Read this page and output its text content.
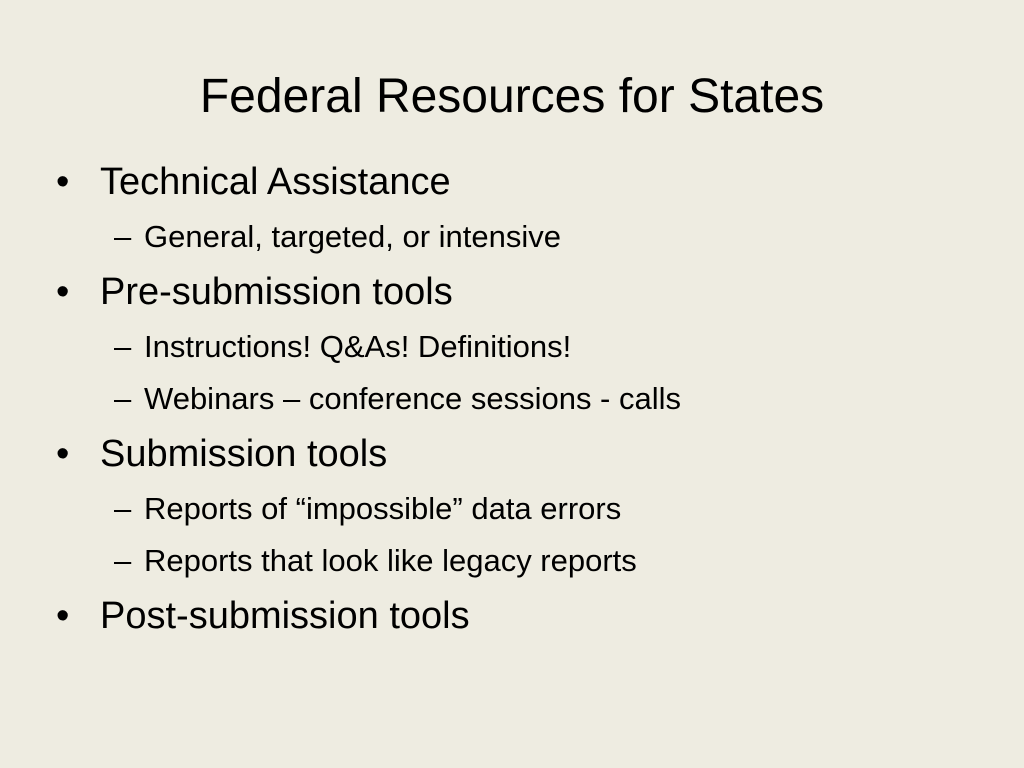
Federal Resources for States
• Technical Assistance
– General, targeted, or intensive
• Pre-submission tools
– Instructions! Q&As! Definitions!
– Webinars – conference sessions - calls
• Submission tools
– Reports of “impossible” data errors
– Reports that look like legacy reports
• Post-submission tools
